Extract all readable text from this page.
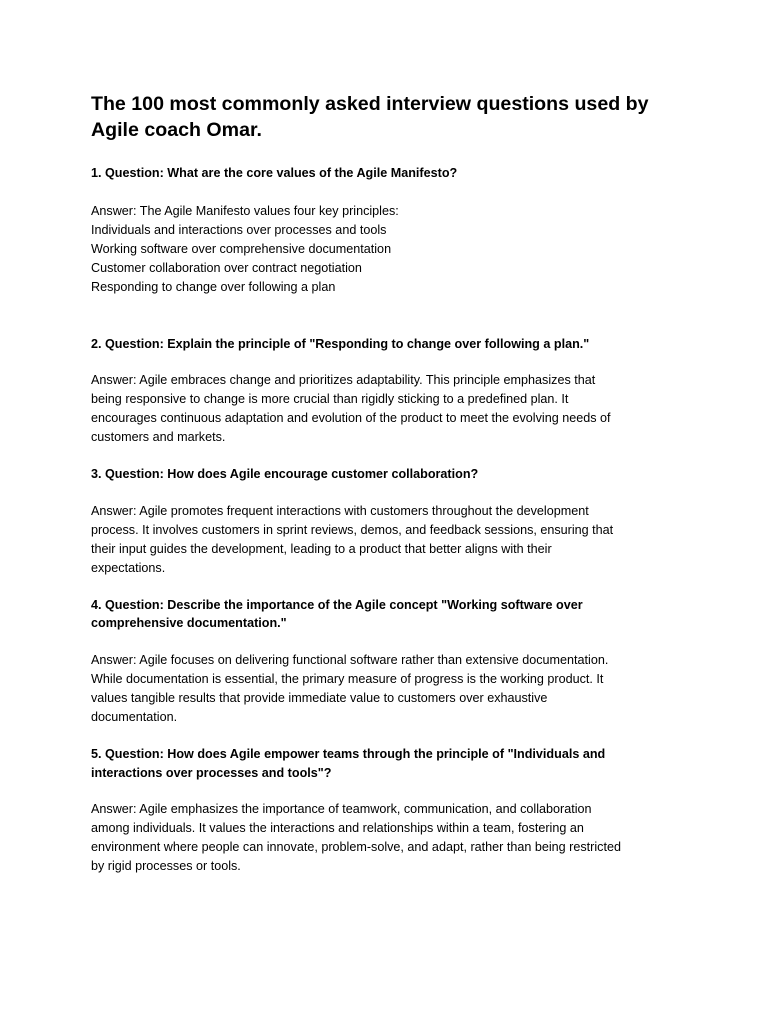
The 100 most commonly asked interview questions used by Agile coach Omar.

1. Question: What are the core values of the Agile Manifesto?

Answer: The Agile Manifesto values four key principles:
Individuals and interactions over processes and tools
Working software over comprehensive documentation
Customer collaboration over contract negotiation
Responding to change over following a plan

2. Question: Explain the principle of "Responding to change over following a plan."

Answer: Agile embraces change and prioritizes adaptability. This principle emphasizes that
being responsive to change is more crucial than rigidly sticking to a predefined plan. It
encourages continuous adaptation and evolution of the product to meet the evolving needs of
customers and markets.

3. Question: How does Agile encourage customer collaboration?

Answer: Agile promotes frequent interactions with customers throughout the development
process. It involves customers in sprint reviews, demos, and feedback sessions, ensuring that
their input guides the development, leading to a product that better aligns with their
expectations.

4. Question: Describe the importance of the Agile concept "Working software over comprehensive documentation."

Answer: Agile focuses on delivering functional software rather than extensive documentation.
While documentation is essential, the primary measure of progress is the working product. It
values tangible results that provide immediate value to customers over exhaustive
documentation.

5. Question: How does Agile empower teams through the principle of "Individuals and interactions over processes and tools"?

Answer: Agile emphasizes the importance of teamwork, communication, and collaboration
among individuals. It values the interactions and relationships within a team, fostering an
environment where people can innovate, problem-solve, and adapt, rather than being restricted
by rigid processes or tools.
